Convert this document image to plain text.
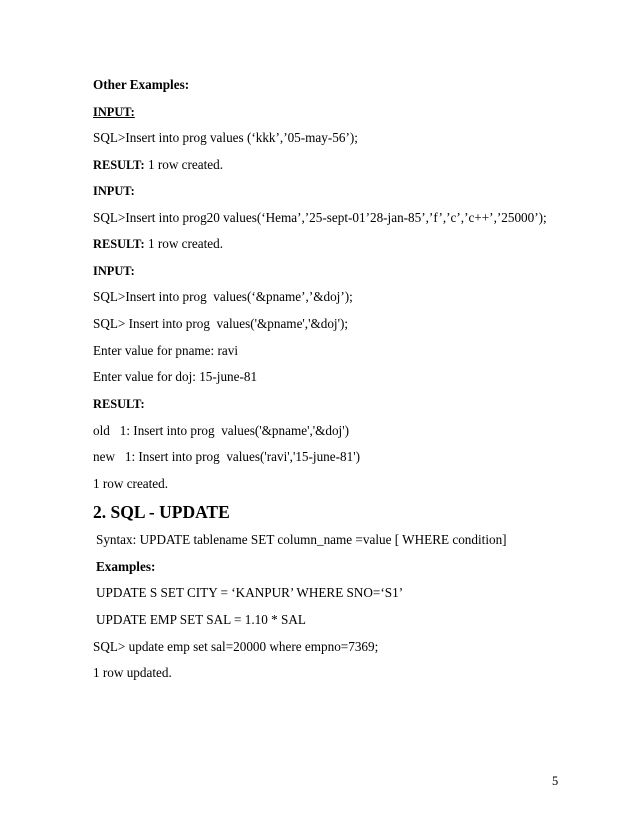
Other Examples:
INPUT:
SQL>Insert into prog values (‘kkk’,’05-may-56’);
RESULT: 1 row created.
INPUT:
SQL>Insert into prog20 values(‘Hema’,’25-sept-01’28-jan-85’,’f’,’c’,’c++’,’25000’);
RESULT: 1 row created.
INPUT:
SQL>Insert into prog  values(‘&pname’,’&doj’);
SQL> Insert into prog  values('&pname','&doj');
Enter value for pname: ravi
Enter value for doj: 15-june-81
RESULT:
old   1: Insert into prog  values('&pname','&doj')
new   1: Insert into prog  values('ravi','15-june-81')
1 row created.
2. SQL - UPDATE
Syntax: UPDATE tablename SET column_name =value [ WHERE condition]
Examples:
UPDATE S SET CITY = ‘KANPUR’ WHERE SNO=‘S1’
UPDATE EMP SET SAL = 1.10 * SAL
SQL> update emp set sal=20000 where empno=7369;
1 row updated.
5
